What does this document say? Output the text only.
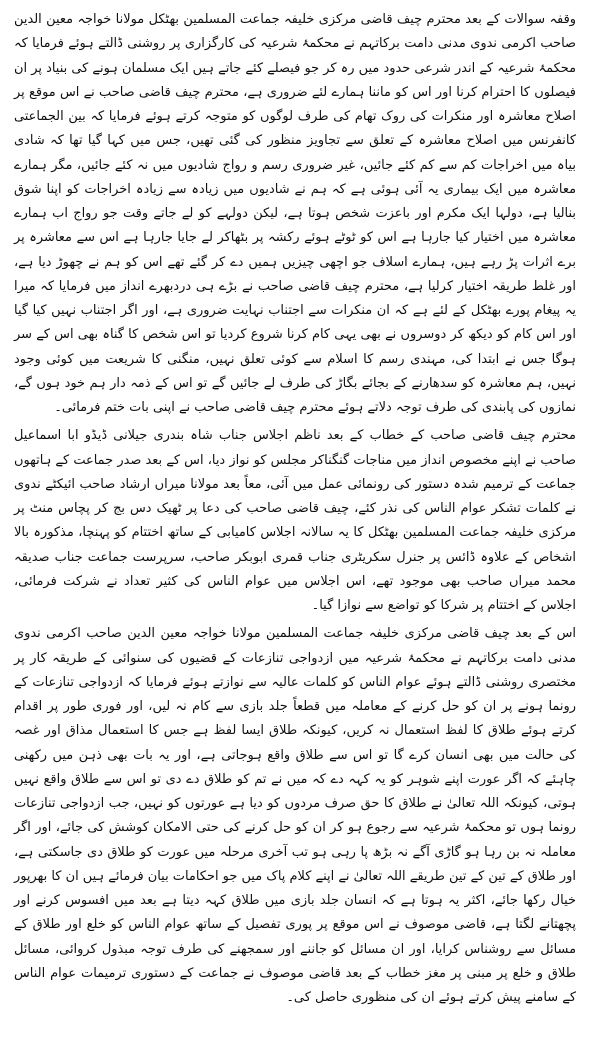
وقفہ سوالات کے بعد محترم چیف قاضی مرکزی خلیفہ جماعت المسلمین بھٹکل مولانا خواجہ معین الدین صاحب اکرمی ندوی مدنی دامت برکاتہم نے محکمۂ شرعیہ کی کارگزاری پر روشنی ڈالتے ہوئے فرمایا کہ محکمۂ شرعیہ کے اندر شرعی حدود میں رہ کر جو فیصلے کئے جاتے ہیں ایک مسلمان ہونے کی بنیاد پر ان فیصلوں کا احترام کرنا اور اس کو ماننا ہمارے لئے ضروری ہے، محترم چیف قاضی صاحب نے اس موقع پر اصلاح معاشرہ اور منکرات کی روک تھام کی طرف لوگوں کو متوجہ کرتے ہوئے فرمایا کہ بین الجماعتی کانفرنس میں اصلاح معاشرہ کے تعلق سے تجاویز منظور کی گئی تھیں، جس میں کہا گیا تھا کہ شادی بیاہ میں اخراجات کم سے کم کئے جائیں، غیر ضروری رسم و رواج شادیوں میں نہ کئے جائیں، مگر ہمارے معاشرہ میں ایک بیماری یہ آئی ہوئی ہے کہ ہم نے شادیوں میں زیادہ سے زیادہ اخراجات کو اپنا شوق بنالیا ہے، دولہا ایک مکرم اور باعزت شخص ہوتا ہے، لیکن دولہے کو لے جاتے وقت جو رواج اب ہمارے معاشرہ میں اختیار کیا جارہا ہے اس کو ٹوٹے ہوئے رکشہ پر بٹھاکر لے جایا جارہا ہے اس سے معاشرہ پر برے اثرات پڑ رہے ہیں، ہمارے اسلاف جو اچھی چیزیں ہمیں دے کر گئے تھے اس کو ہم نے چھوڑ دیا ہے، اور غلط طریقہ اختیار کرلیا ہے، محترم چیف قاضی صاحب نے بڑے ہی دردبھرے انداز میں فرمایا کہ میرا یہ پیغام پورے بھٹکل کے لئے ہے کہ ان منکرات سے اجتناب نہایت ضروری ہے، اور اگر اجتناب نہیں کیا گیا اور اس کام کو دیکھ کر دوسروں نے بھی یہی کام کرنا شروع کردیا تو اس شخص کا گناہ بھی اس کے سر ہوگا جس نے ابتدا کی، مہندی رسم کا اسلام سے کوئی تعلق نہیں، منگنی کا شریعت میں کوئی وجود نہیں، ہم معاشرہ کو سدھارنے کے بجائے بگاڑ کی طرف لے جائیں گے تو اس کے ذمہ دار ہم خود ہوں گے، نمازوں کی پابندی کی طرف توجہ دلاتے ہوئے محترم چیف قاضی صاحب نے اپنی بات ختم فرمائی۔

محترم چیف قاضی صاحب کے خطاب کے بعد ناظم اجلاس جناب شاہ بندری جیلانی ڈیڈو ابا اسماعیل صاحب نے اپنے مخصوص انداز میں مناجات گنگناکر مجلس کو نواز دیا، اس کے بعد صدر جماعت کے ہاتھوں جماعت کے ترمیم شدہ دستور کی رونمائی عمل میں آئی، معاً بعد مولانا میراں ارشاد صاحب ائیکٹے ندوی نے کلمات تشکر عوام الناس کی نذر کئے، چیف قاضی صاحب کی دعا پر ٹھیک دس بج کر پچاس منٹ پر مرکزی خلیفہ جماعت المسلمین بھٹکل کا یہ سالانہ اجلاس کامیابی کے ساتھ اختتام کو پہنچا، مذکورہ بالا اشخاص کے علاوہ ڈائس پر جنرل سکریٹری جناب قمری ابوبکر صاحب، سرپرست جماعت جناب صدیقہ محمد میراں صاحب بھی موجود تھے، اس اجلاس میں عوام الناس کی کثیر تعداد نے شرکت فرمائی، اجلاس کے اختتام پر شرکا کو تواضع سے نوازا گیا۔

اس کے بعد چیف قاضی مرکزی خلیفہ جماعت المسلمین مولانا خواجہ معین الدین صاحب اکرمی ندوی مدنی دامت برکاتہم نے محکمۂ شرعیہ میں ازدواجی تنازعات کے قضیوں کی سنوائی کے طریقہ کار پر مختصری روشنی ڈالتے ہوئے عوام الناس کو کلمات عالیہ سے نوازتے ہوئے فرمایا کہ ازدواجی تنازعات کے رونما ہونے پر ان کو حل کرنے کے معاملہ میں قطعاً جلد بازی سے کام نہ لیں، اور فوری طور پر اقدام کرتے ہوئے طلاق کا لفظ استعمال نہ کریں، کیونکہ طلاق ایسا لفظ ہے جس کا استعمال مذاق اور غصہ کی حالت میں بھی انسان کرے گا تو اس سے طلاق واقع ہوجاتی ہے، اور یہ بات بھی ذہن میں رکھنی چاہئے کہ اگر عورت اپنے شوہر کو یہ کہہ دے کہ میں نے تم کو طلاق دے دی تو اس سے طلاق واقع نہیں ہوتی، کیونکہ اللہ تعالیٰ نے طلاق کا حق صرف مردوں کو دیا ہے عورتوں کو نہیں، جب ازدواجی تنازعات رونما ہوں تو محکمۂ شرعیہ سے رجوع ہو کر ان کو حل کرنے کی حتی الامکان کوشش کی جائے، اور اگر معاملہ نہ بن رہا ہو گاڑی آگے نہ بڑھ پا رہی ہو تب آخری مرحلہ میں عورت کو طلاق دی جاسکتی ہے، اور طلاق کے تین کے تین طریقے اللہ تعالیٰ نے اپنے کلام پاک میں جو احکامات بیان فرمائے ہیں ان کا بھرپور خیال رکھا جائے، اکثر یہ ہوتا ہے کہ انسان جلد بازی میں طلاق کہہ دیتا ہے بعد میں افسوس کرنے اور پچھتانے لگتا ہے، قاضی موصوف نے اس موقع پر پوری تفصیل کے ساتھ عوام الناس کو خلع اور طلاق کے مسائل سے روشناس کرایا، اور ان مسائل کو جاننے اور سمجھنے کی طرف توجہ مبذول کروائی، مسائل طلاق و خلع پر مبنی پر مغز خطاب کے بعد قاضی موصوف نے جماعت کے دستوری ترمیمات عوام الناس کے سامنے پیش کرتے ہوئے ان کی منظوری حاصل کی۔
